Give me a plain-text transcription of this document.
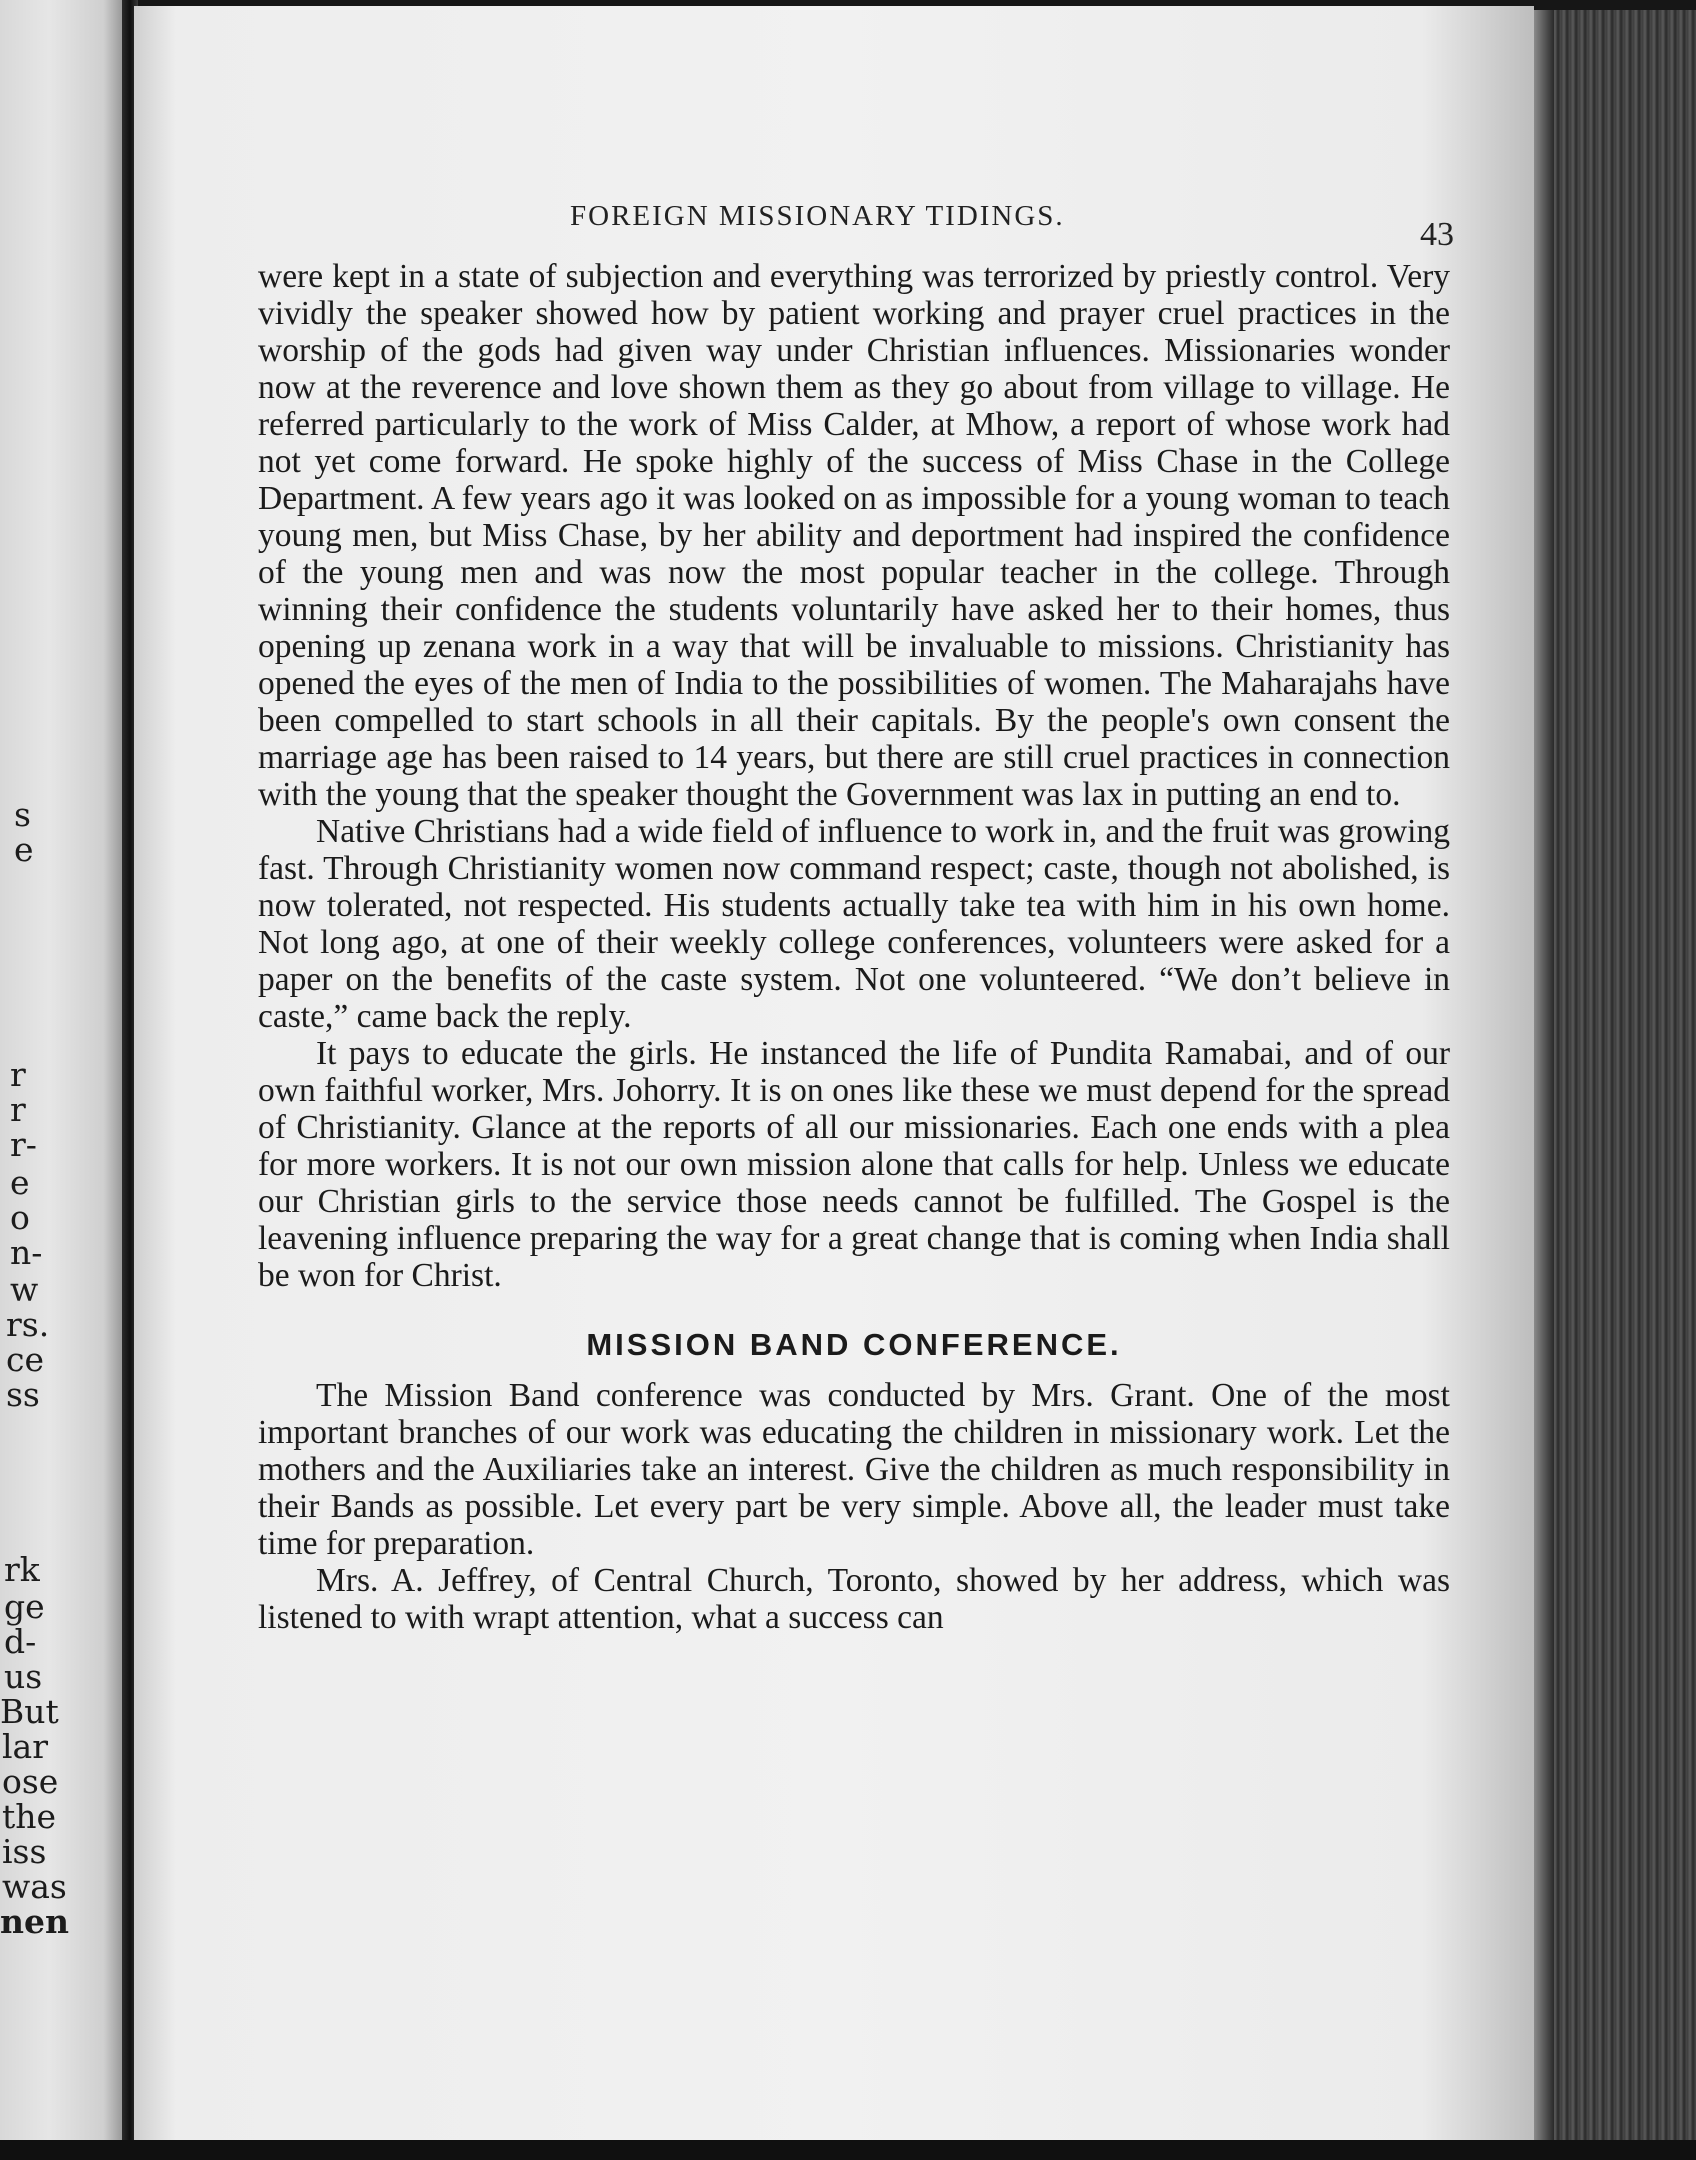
s
e
r
r
r-
e
o
n-
w
rs.
ce
ss
rk
ge
d-
us
But
lar
ose
the
iss
was
nen
FOREIGN MISSIONARY TIDINGS.	43

were kept in a state of subjection and everything was terrorized by priestly control. Very vividly the speaker showed how by patient working and prayer cruel practices in the worship of the gods had given way under Christian influences. Missionaries wonder now at the reverence and love shown them as they go about from village to village. He referred particularly to the work of Miss Calder, at Mhow, a report of whose work had not yet come forward. He spoke highly of the success of Miss Chase in the College Department. A few years ago it was looked on as impossible for a young woman to teach young men, but Miss Chase, by her ability and deportment had inspired the confidence of the young men and was now the most popular teacher in the college. Through winning their confidence the students voluntarily have asked her to their homes, thus opening up zenana work in a way that will be invaluable to missions. Christianity has opened the eyes of the men of India to the possibilities of women. The Maharajahs have been compelled to start schools in all their capitals. By the people's own consent the marriage age has been raised to 14 years, but there are still cruel practices in connection with the young that the speaker thought the Government was lax in putting an end to.

Native Christians had a wide field of influence to work in, and the fruit was growing fast. Through Christianity women now command respect; caste, though not abolished, is now tolerated, not respected. His students actually take tea with him in his own home. Not long ago, at one of their weekly college conferences, volunteers were asked for a paper on the benefits of the caste system. Not one volunteered. “We don’t believe in caste,” came back the reply.

It pays to educate the girls. He instanced the life of Pundita Ramabai, and of our own faithful worker, Mrs. Johorry. It is on ones like these we must depend for the spread of Christianity. Glance at the reports of all our missionaries. Each one ends with a plea for more workers. It is not our own mission alone that calls for help. Unless we educate our Christian girls to the service those needs cannot be fulfilled. The Gospel is the leavening influence preparing the way for a great change that is coming when India shall be won for Christ.

MISSION BAND CONFERENCE.

The Mission Band conference was conducted by Mrs. Grant. One of the most important branches of our work was educating the children in missionary work. Let the mothers and the Auxiliaries take an interest. Give the children as much responsibility in their Bands as possible. Let every part be very simple. Above all, the leader must take time for preparation.

Mrs. A. Jeffrey, of Central Church, Toronto, showed by her address, which was listened to with wrapt attention, what a success can
